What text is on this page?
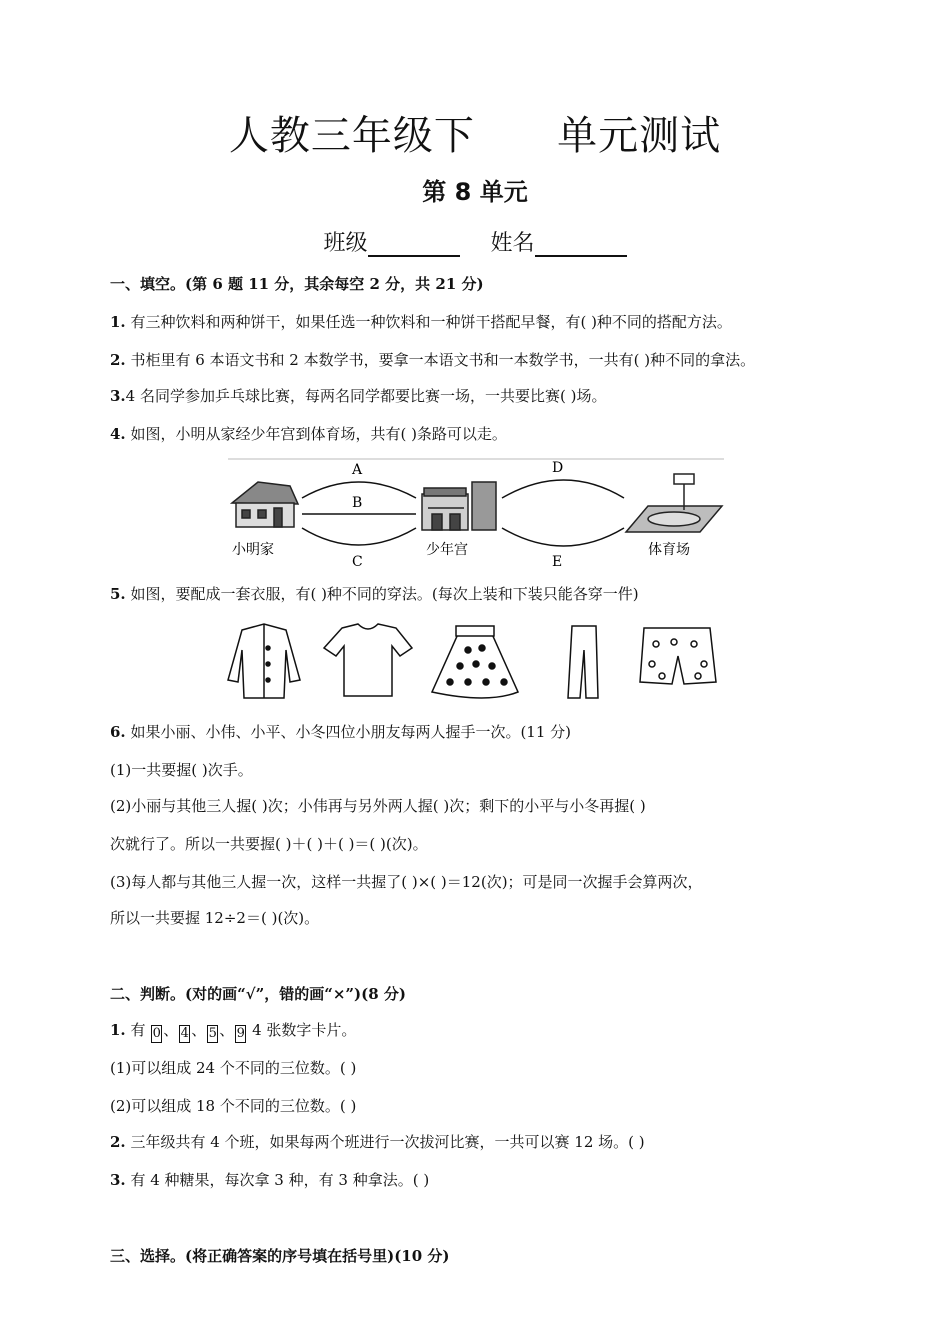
人教三年级下      单元测试
第 8 单元
班级	姓名
一、填空。(第 6 题 11 分，其余每空 2 分，共 21 分)
1. 有三种饮料和两种饼干，如果任选一种饮料和一种饼干搭配早餐，有( )种不同的搭配方法。
2. 书柜里有 6 本语文书和 2 本数学书，要拿一本语文书和一本数学书，一共有( )种不同的拿法。
3.4 名同学参加乒乓球比赛，每两名同学都要比赛一场，一共要比赛( )场。
4. 如图，小明从家经少年宫到体育场，共有( )条路可以走。
A
B
C
D
E
小明家	少年宫	体育场
5. 如图，要配成一套衣服，有( )种不同的穿法。(每次上装和下装只能各穿一件)
6. 如果小丽、小伟、小平、小冬四位小朋友每两人握手一次。(11 分)
(1)一共要握( )次手。
(2)小丽与其他三人握( )次；小伟再与另外两人握( )次；剩下的小平与小冬再握( )
次就行了。所以一共要握( )＋( )＋( )＝( )(次)。
(3)每人都与其他三人握一次，这样一共握了( )×( )＝12(次)；可是同一次握手会算两次，
所以一共要握 12÷2＝( )(次)。
二、判断。(对的画“√”，错的画“×”)(8 分)
1. 有 0 、 4 、 5 、 9 4 张数字卡片。
(1)可以组成 24 个不同的三位数。( )
(2)可以组成 18 个不同的三位数。( )
2. 三年级共有 4 个班，如果每两个班进行一次拔河比赛，一共可以赛 12 场。( )
3. 有 4 种糖果，每次拿 3 种，有 3 种拿法。( )
三、选择。(将正确答案的序号填在括号里)(10 分)
